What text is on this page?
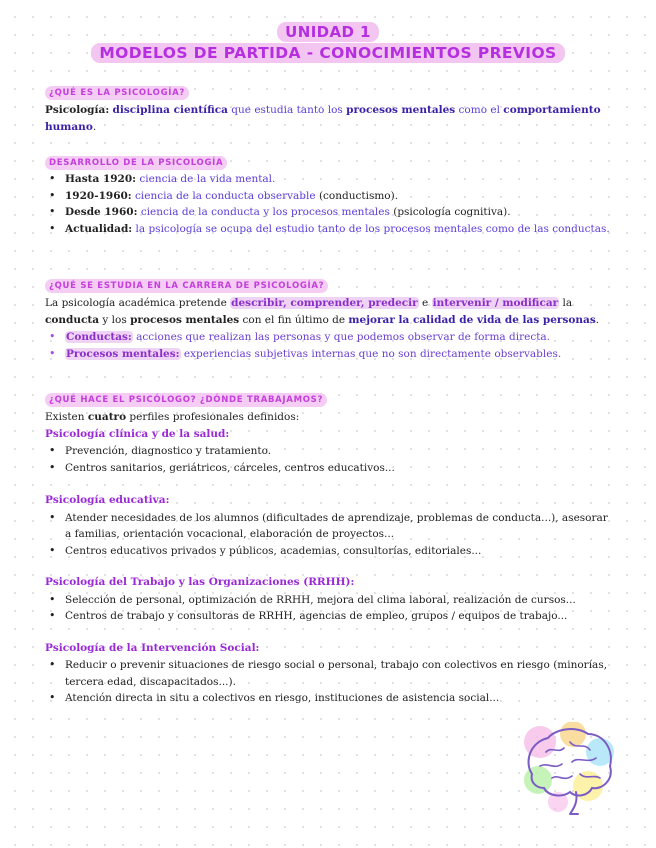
UNIDAD 1
MODELOS DE PARTIDA - CONOCIMIENTOS PREVIOS
¿QUÉ ES LA PSICOLOGÍA?
Psicología: disciplina científica que estudia tanto los procesos mentales como el comportamiento humano.
DESARROLLO DE LA PSICOLOGÍA
• Hasta 1920: ciencia de la vida mental.
• 1920-1960: ciencia de la conducta observable (conductismo).
• Desde 1960: ciencia de la conducta y los procesos mentales (psicología cognitiva).
• Actualidad: la psicología se ocupa del estudio tanto de los procesos mentales como de las conductas.
¿QUÉ SE ESTUDIA EN LA CARRERA DE PSICOLOGÍA?
La psicología académica pretende describir, comprender, predecir e intervenir / modificar la conducta y los procesos mentales con el fin último de mejorar la calidad de vida de las personas.
• Conductas: acciones que realizan las personas y que podemos observar de forma directa.
• Procesos mentales: experiencias subjetivas internas que no son directamente observables.
¿QUÉ HACE EL PSICÓLOGO? ¿DÓNDE TRABAJAMOS?
Existen cuatro perfiles profesionales definidos:
Psicología clínica y de la salud:
• Prevención, diagnostico y tratamiento.
• Centros sanitarios, geriátricos, cárceles, centros educativos...
Psicología educativa:
• Atender necesidades de los alumnos (dificultades de aprendizaje, problemas de conducta...), asesorar a familias, orientación vocacional, elaboración de proyectos...
• Centros educativos privados y públicos, academias, consultorías, editoriales...
Psicología del Trabajo y las Organizaciones (RRHH):
• Selección de personal, optimización de RRHH, mejora del clima laboral, realización de cursos...
• Centros de trabajo y consultoras de RRHH, agencias de empleo, grupos / equipos de trabajo...
Psicología de la Intervención Social:
• Reducir o prevenir situaciones de riesgo social o personal, trabajo con colectivos en riesgo (minorías, tercera edad, discapacitados...).
• Atención directa in situ a colectivos en riesgo, instituciones de asistencia social...
